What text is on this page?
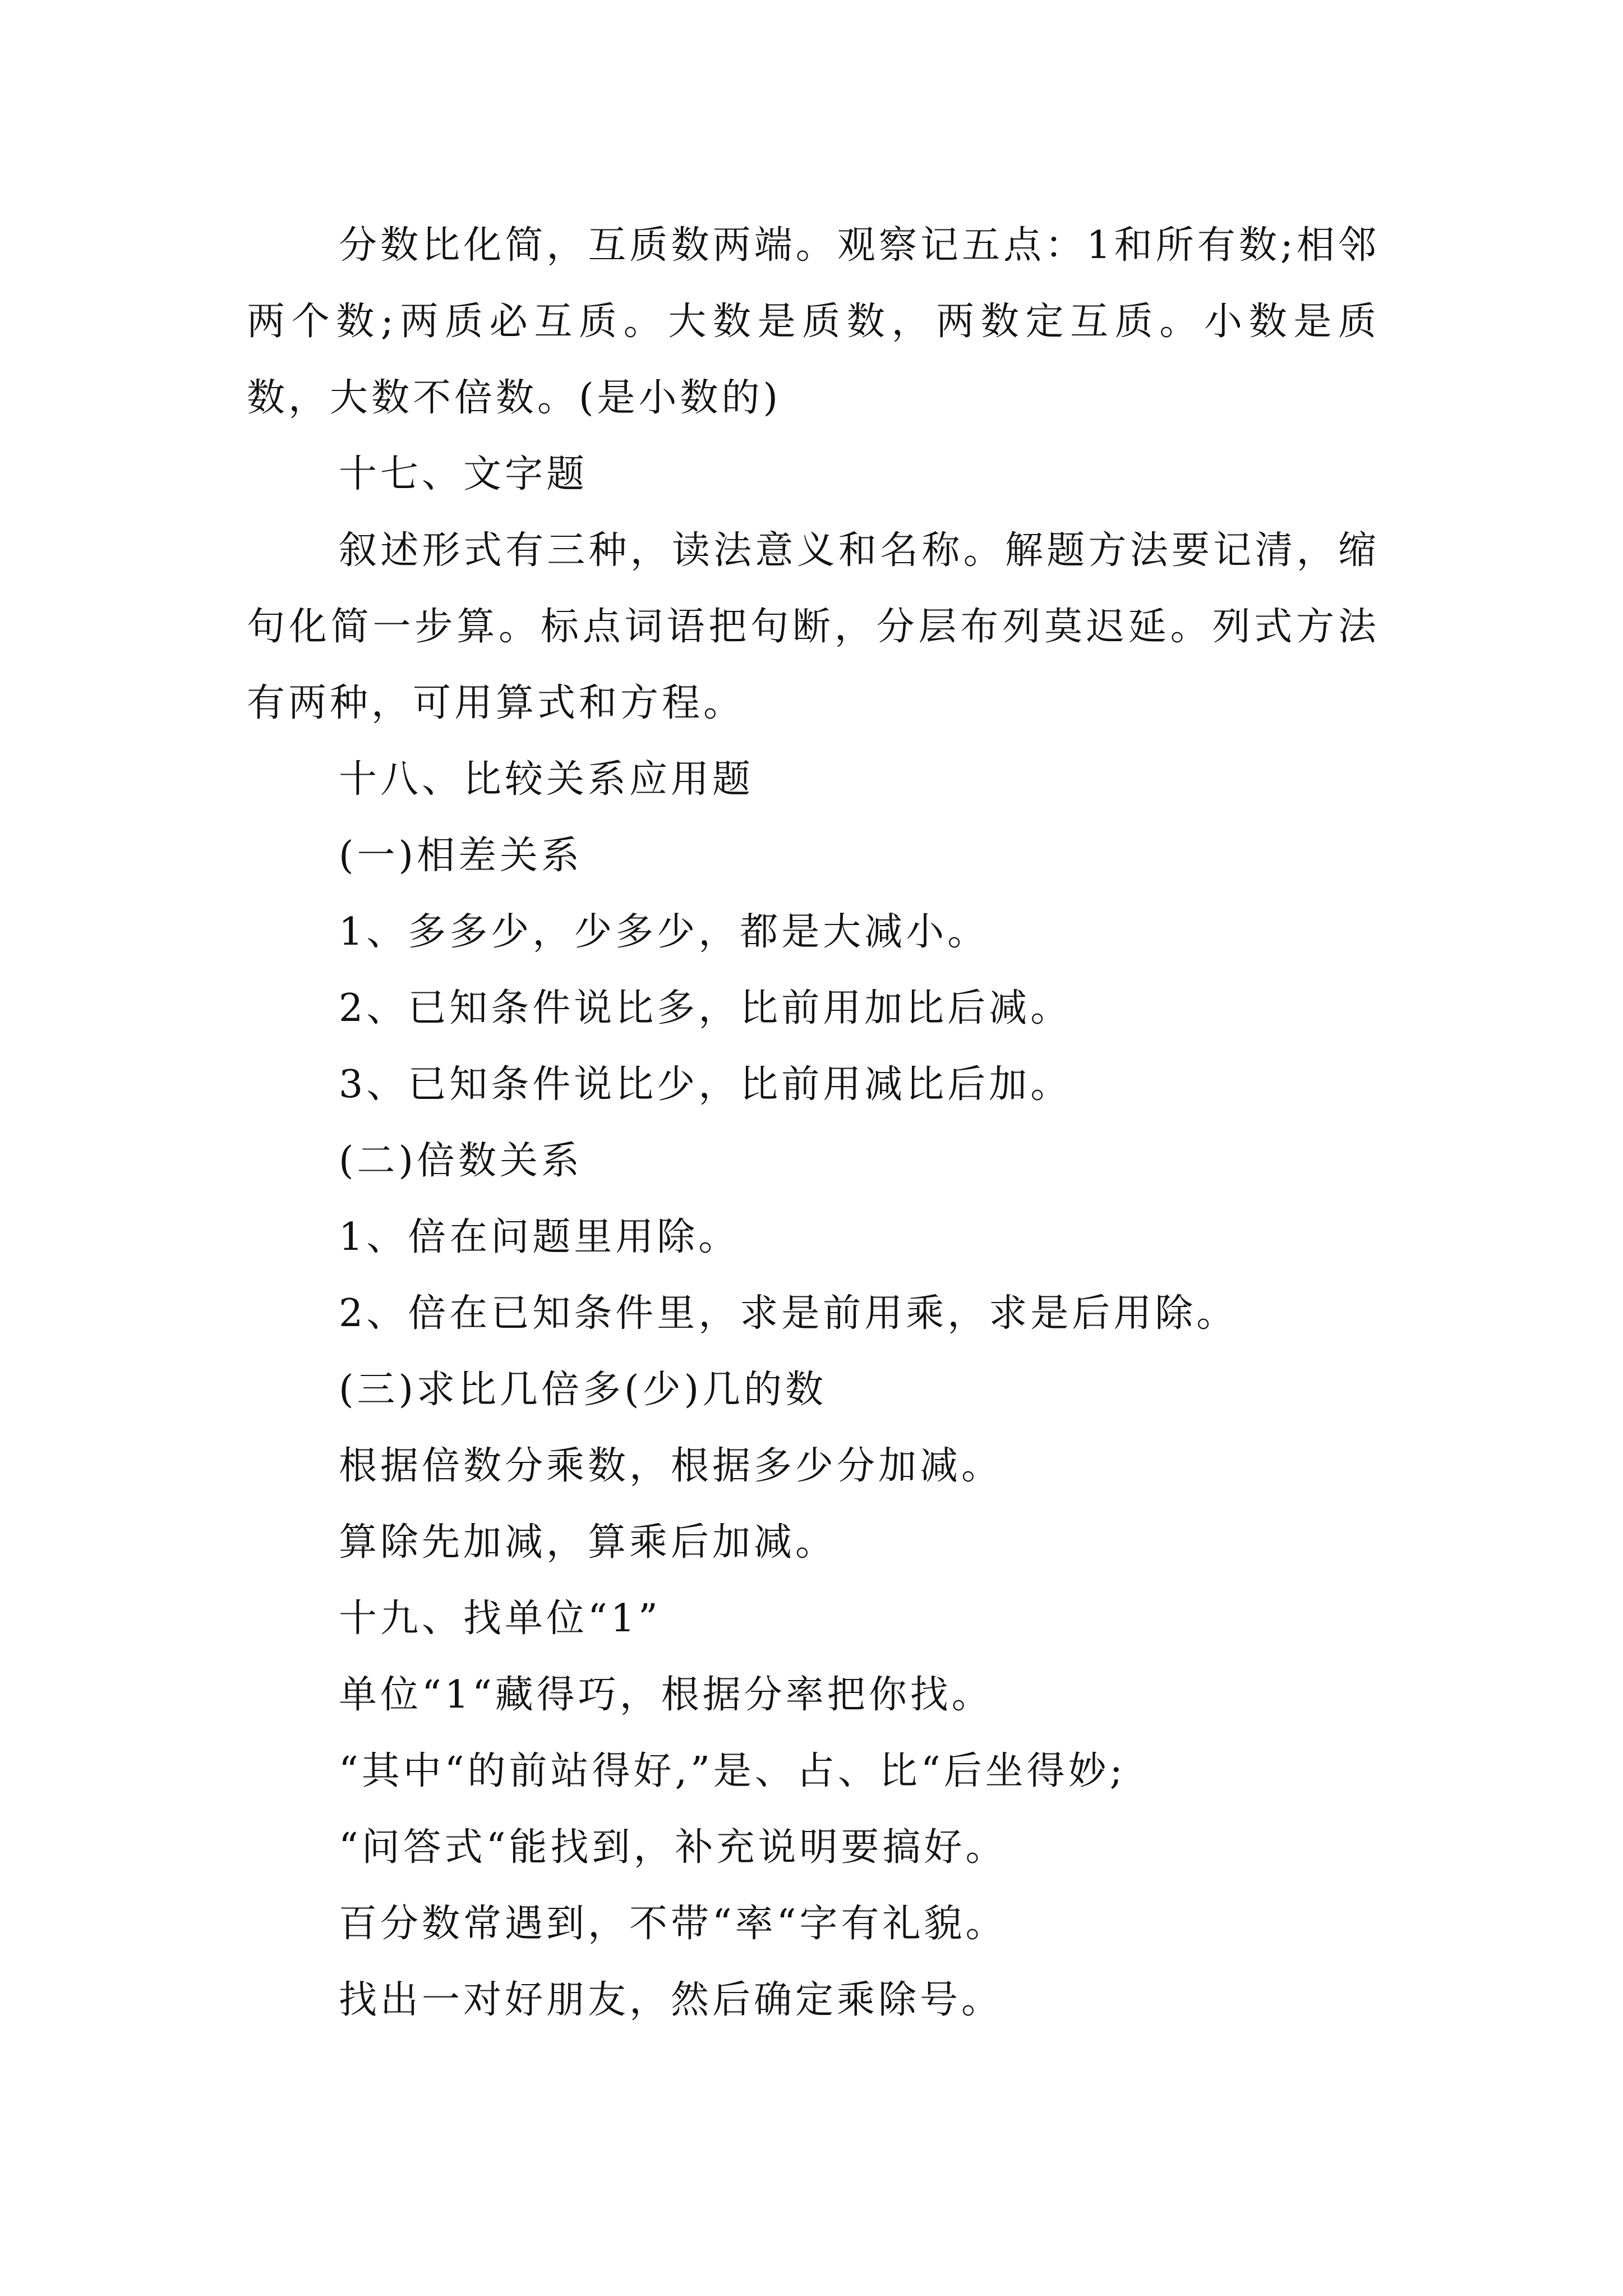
分数比化简，互质数两端。观察记五点：1和所有数;相邻两个数;两质必互质。大数是质数，两数定互质。小数是质数，大数不倍数。(是小数的)

十七、文字题

叙述形式有三种，读法意义和名称。解题方法要记清，缩句化简一步算。标点词语把句断，分层布列莫迟延。列式方法有两种，可用算式和方程。

十八、比较关系应用题

(一)相差关系

1、多多少，少多少，都是大减小。

2、已知条件说比多，比前用加比后减。

3、已知条件说比少，比前用减比后加。

(二)倍数关系

1、倍在问题里用除。

2、倍在已知条件里，求是前用乘，求是后用除。

(三)求比几倍多(少)几的数

根据倍数分乘数，根据多少分加减。

算除先加减，算乘后加减。

十九、找单位“1”

单位“1“藏得巧，根据分率把你找。

“其中“的前站得好,”是、占、比“后坐得妙;

“问答式“能找到，补充说明要搞好。

百分数常遇到，不带“率“字有礼貌。

找出一对好朋友，然后确定乘除号。
